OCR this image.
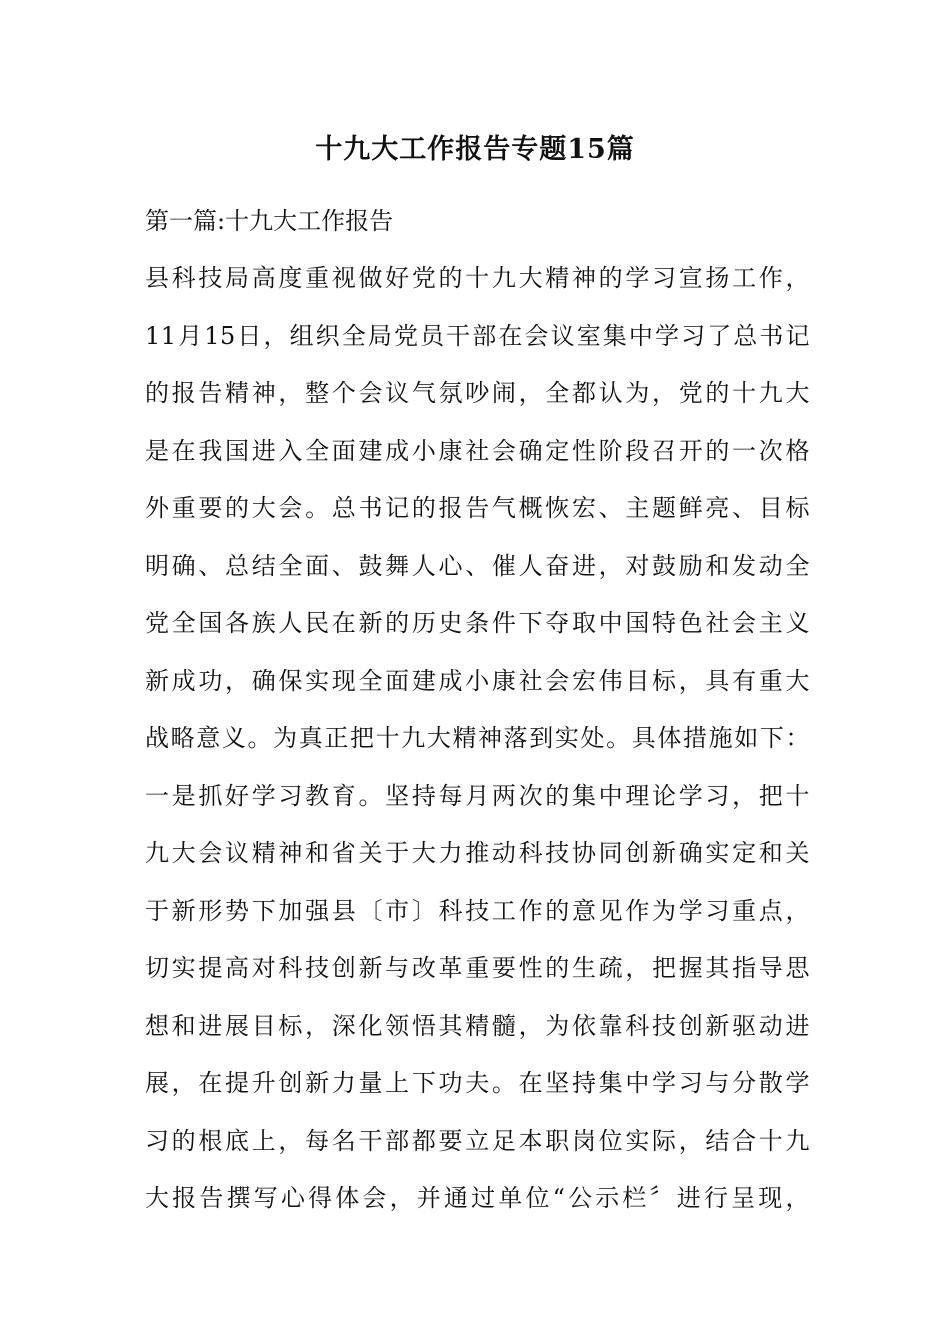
十九大工作报告专题15篇
第一篇:十九大工作报告
县科技局高度重视做好党的十九大精神的学习宣扬工作，
11月15日，组织全局党员干部在会议室集中学习了总书记
的报告精神，整个会议气氛吵闹，全都认为，党的十九大
是在我国进入全面建成小康社会确定性阶段召开的一次格
外重要的大会。总书记的报告气概恢宏、主题鲜亮、目标
明确、总结全面、鼓舞人心、催人奋进，对鼓励和发动全
党全国各族人民在新的历史条件下夺取中国特色社会主义
新成功，确保实现全面建成小康社会宏伟目标，具有重大
战略意义。为真正把十九大精神落到实处。具体措施如下：
一是抓好学习教育。坚持每月两次的集中理论学习，把十
九大会议精神和省关于大力推动科技协同创新确实定和关
于新形势下加强县〔市〕科技工作的意见作为学习重点，
切实提高对科技创新与改革重要性的生疏，把握其指导思
想和进展目标，深化领悟其精髓，为依靠科技创新驱动进
展，在提升创新力量上下功夫。在坚持集中学习与分散学
习的根底上，每名干部都要立足本职岗位实际，结合十九
大报告撰写心得体会，并通过单位“公示栏〞进行呈现，
